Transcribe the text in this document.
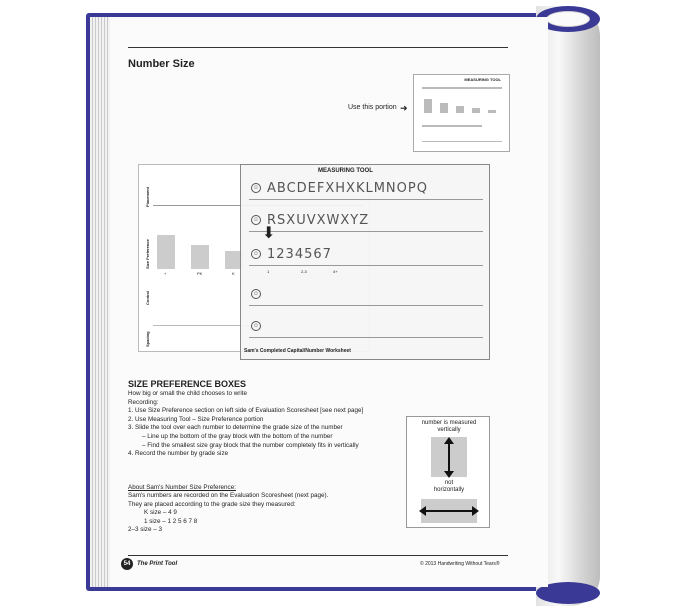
Number Size
Use this portion ➜
MEASURING TOOL
Placement
Size Preference
Control
Spacing
+	PK	K
☺
☺
☺
☺
☺
ABCDEFXHXKLMNOPQ
RSXUVXWXYZ
1234567
1	2-3	4+
MEASURING TOOL
⬇
Sam's Completed Capital/Number Worksheet
SIZE PREFERENCE BOXES
How big or small the child chooses to write
Recording:
1. Use Size Preference section on left side of Evaluation Scoresheet [see next page]
2. Use Measuring Tool – Size Preference portion
3. Slide the tool over each number to determine the grade size of the number
– Line up the bottom of the gray block with the bottom of the number
– Find the smallest size gray block that the number completely fits in vertically
4. Record the number by grade size
About Sam's Number Size Preference:
Sam's numbers are recorded on the Evaluation Scoresheet (next page).
They are placed according to the grade size they measured:
K size – 4 9
1 size – 1 2 5 6 7 8
2–3 size – 3
number is measured vertically
not horizontally
54	The Print Tool	© 2013 Handwriting Without Tears®
